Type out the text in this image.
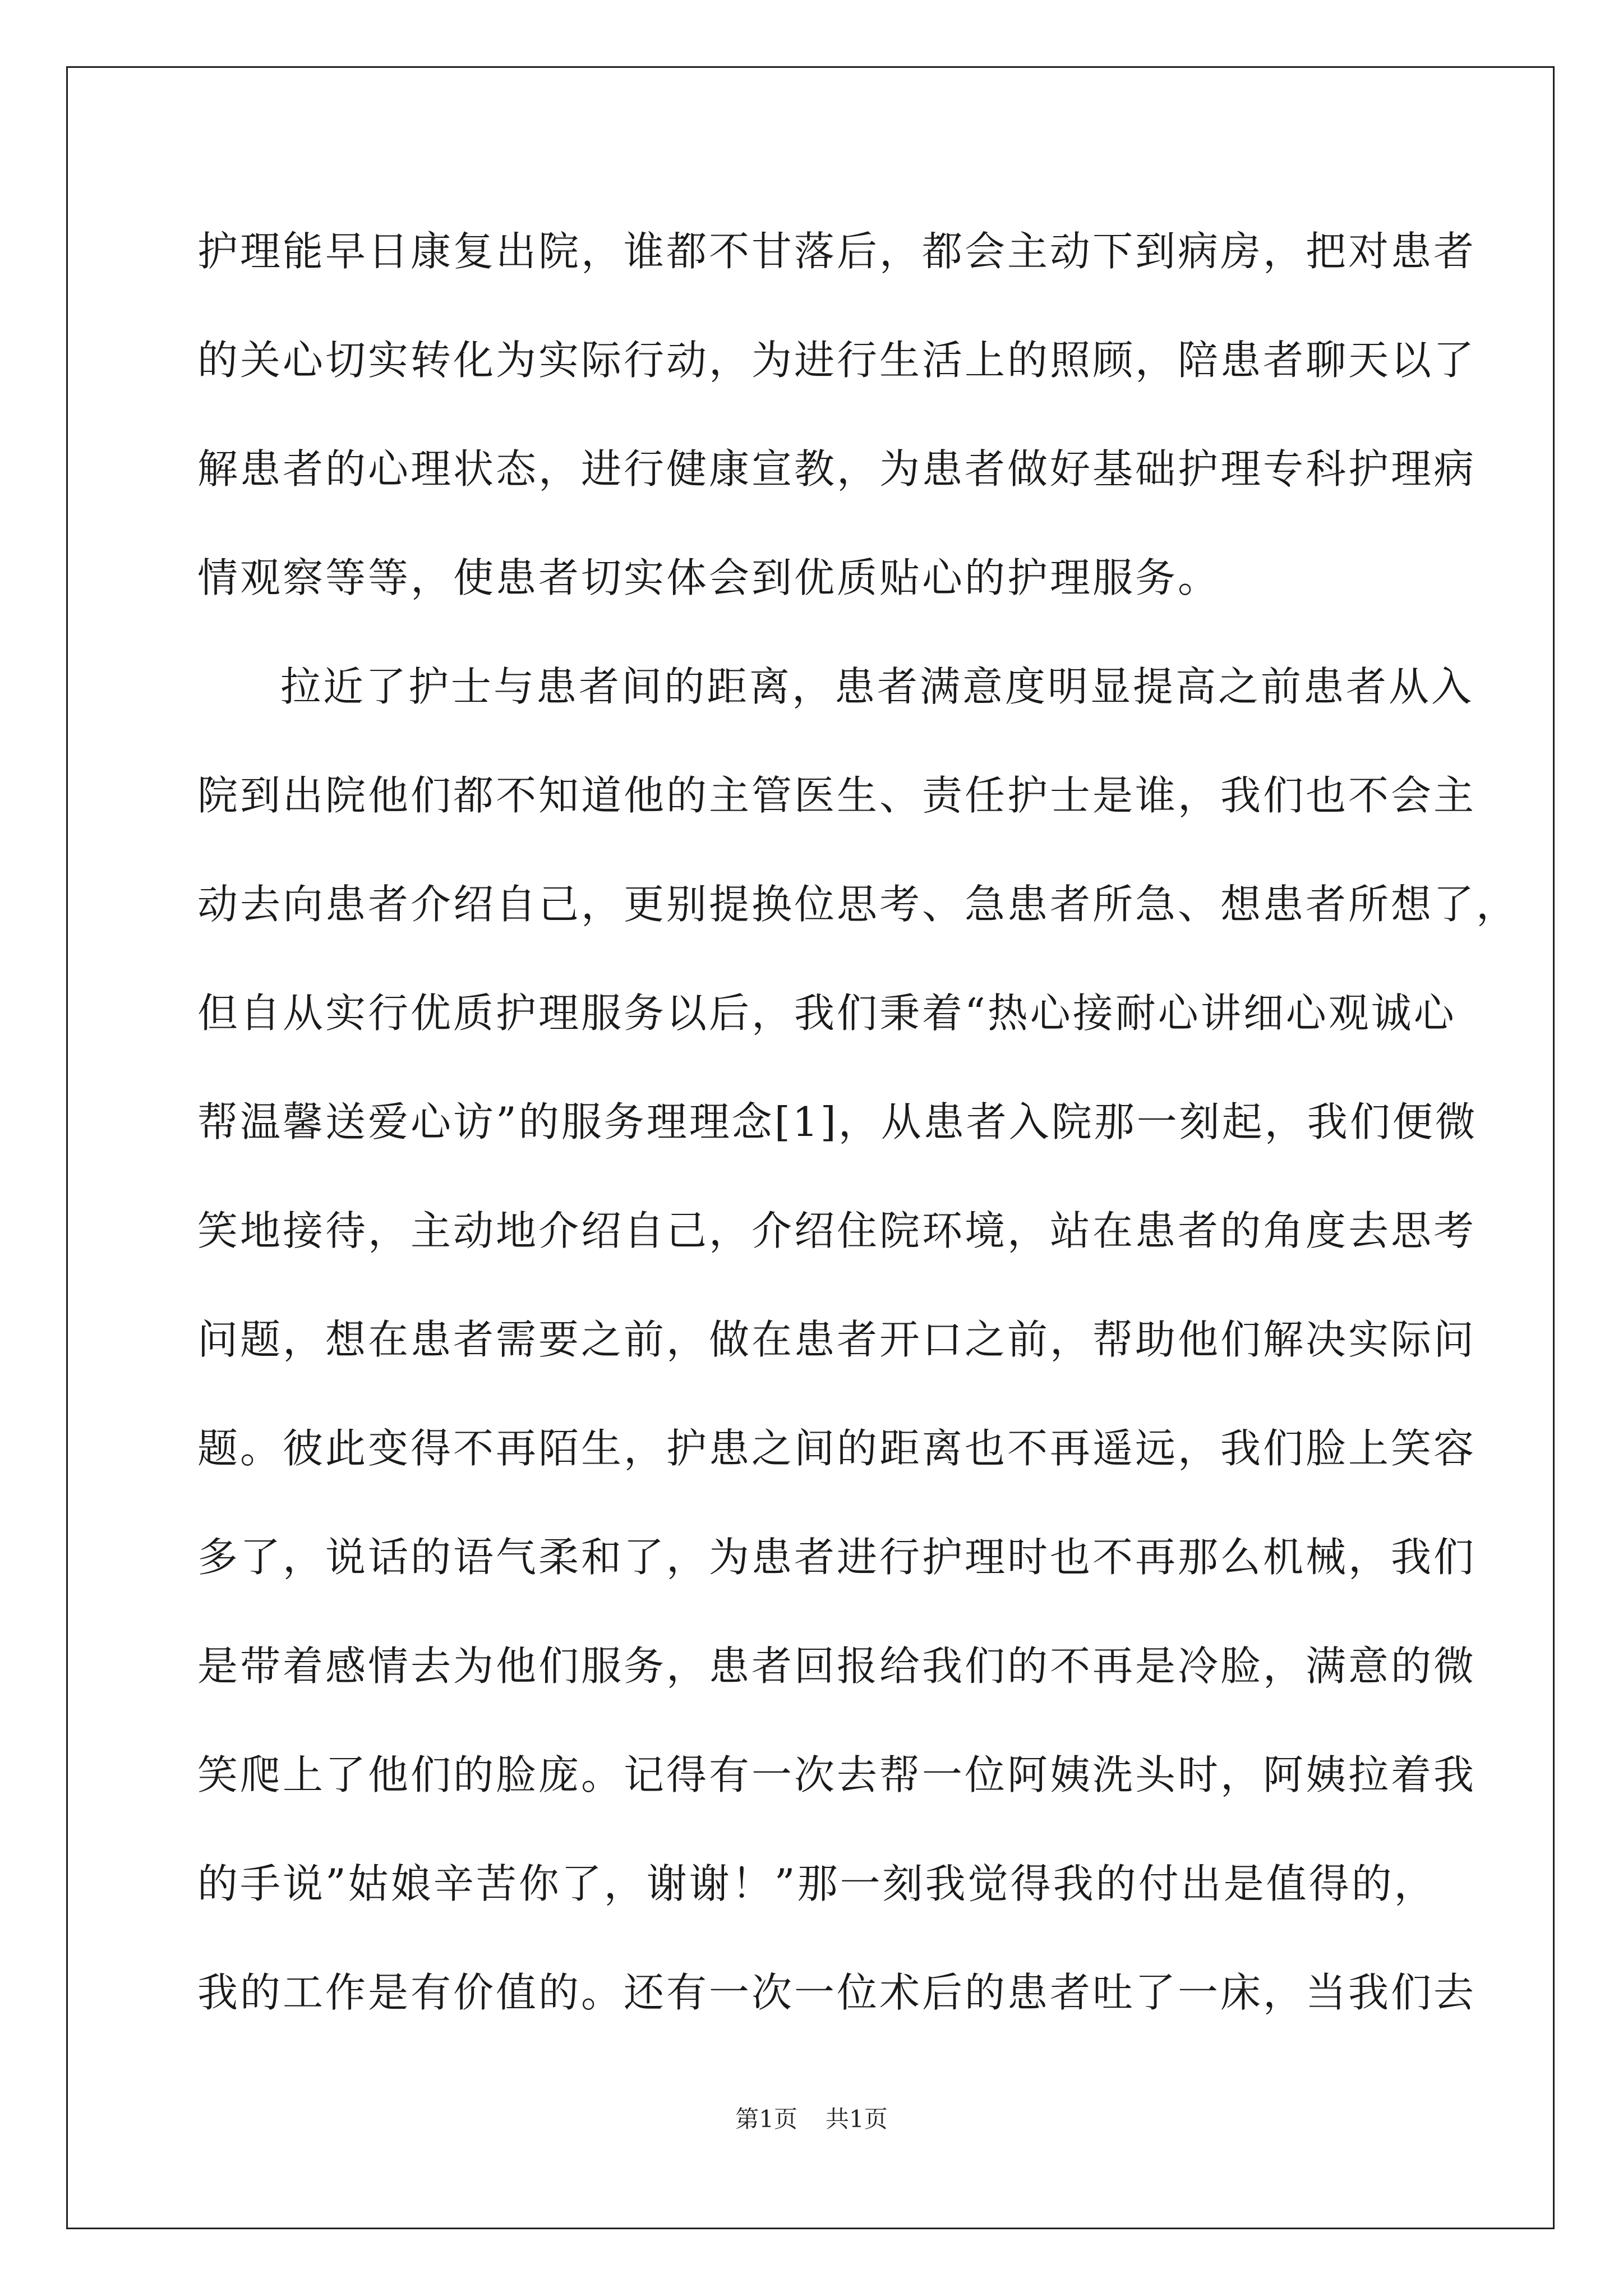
护理能早日康复出院，谁都不甘落后，都会主动下到病房，把对患者
的关心切实转化为实际行动，为进行生活上的照顾，陪患者聊天以了
解患者的心理状态，进行健康宣教，为患者做好基础护理专科护理病
情观察等等，使患者切实体会到优质贴心的护理服务。
拉近了护士与患者间的距离，患者满意度明显提高之前患者从入
院到出院他们都不知道他的主管医生、责任护士是谁，我们也不会主
动去向患者介绍自己，更别提换位思考、急患者所急、想患者所想了，
但自从实行优质护理服务以后，我们秉着“热心接耐心讲细心观诚心
帮温馨送爱心访”的服务理理念[1]，从患者入院那一刻起，我们便微
笑地接待，主动地介绍自己，介绍住院环境，站在患者的角度去思考
问题，想在患者需要之前，做在患者开口之前，帮助他们解决实际问
题。彼此变得不再陌生，护患之间的距离也不再遥远，我们脸上笑容
多了，说话的语气柔和了，为患者进行护理时也不再那么机械，我们
是带着感情去为他们服务，患者回报给我们的不再是冷脸，满意的微
笑爬上了他们的脸庞。记得有一次去帮一位阿姨洗头时，阿姨拉着我
的手说”姑娘辛苦你了，谢谢！”那一刻我觉得我的付出是值得的，
我的工作是有价值的。还有一次一位术后的患者吐了一床，当我们去
第1页 共1页
